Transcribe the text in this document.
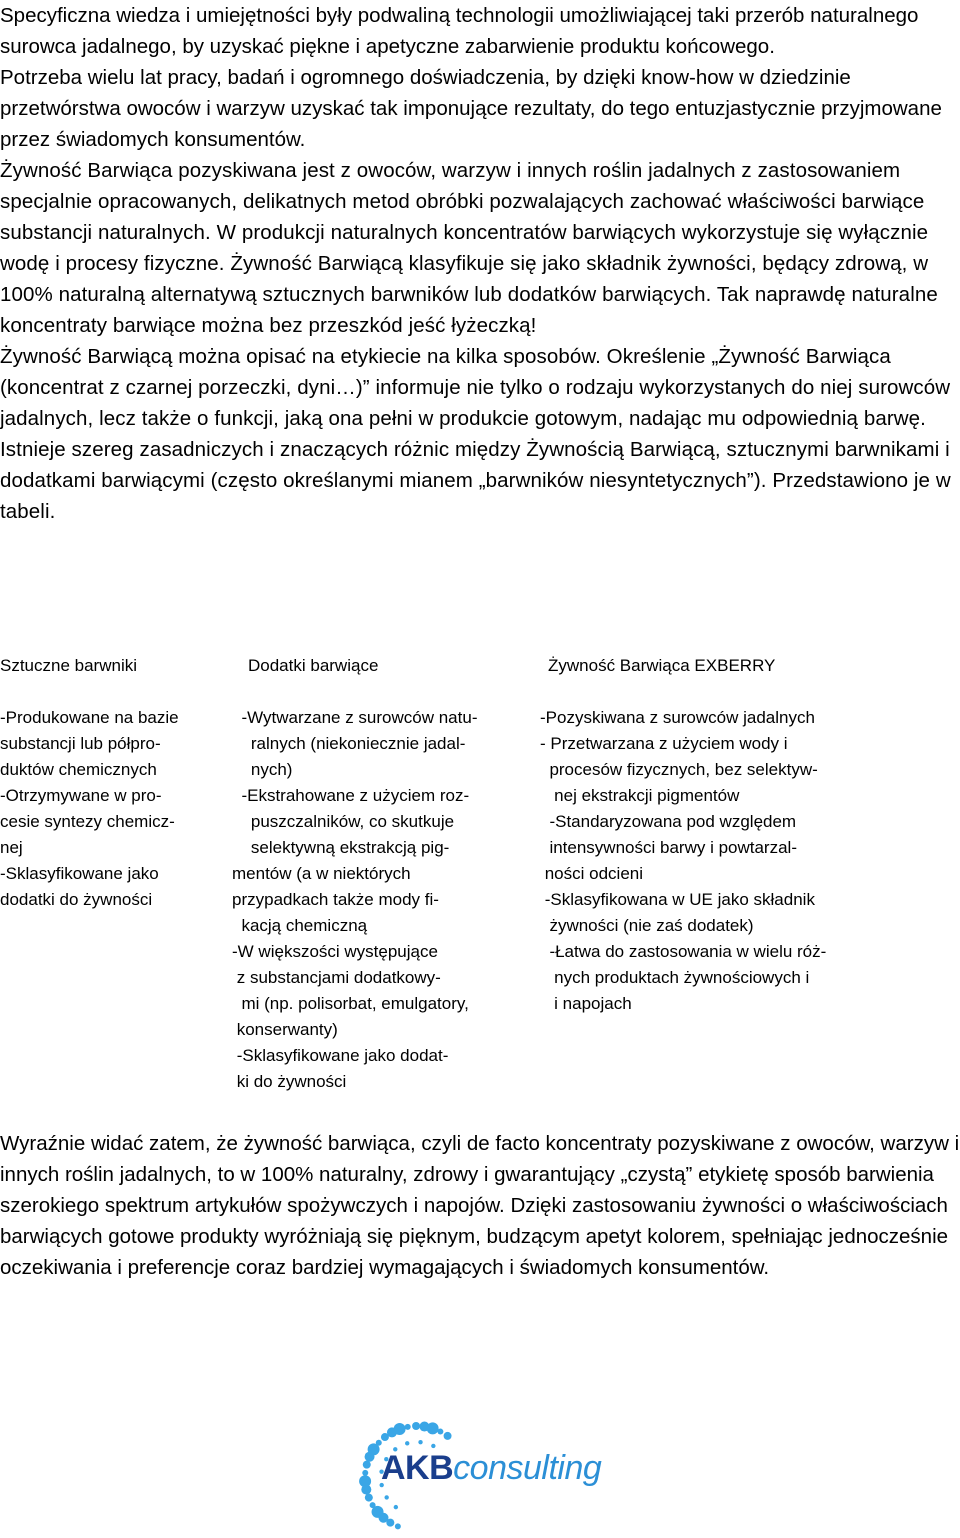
Specyficzna wiedza i umiejętności były podwaliną technologii umożliwiającej taki przerób naturalnego surowca jadalnego, by uzyskać piękne i apetyczne zabarwienie produktu końcowego.

Potrzeba wielu lat pracy, badań i ogromnego doświadczenia, by dzięki know-how w dziedzinie przetwórstwa owoców i warzyw uzyskać tak imponujące rezultaty, do tego entuzjastycznie przyjmowane przez świadomych konsumentów.

Żywność Barwiąca pozyskiwana jest z owoców, warzyw i innych roślin jadalnych z zastosowaniem specjalnie opracowanych, delikatnych metod obróbki pozwalających zachować właściwości barwiące substancji naturalnych. W produkcji naturalnych koncentratów barwiących wykorzystuje się wyłącznie wodę i procesy fizyczne. Żywność Barwiącą klasyfikuje się jako składnik żywności, będący zdrową, w 100% naturalną alternatywą sztucznych barwników lub dodatków barwiących. Tak naprawdę naturalne koncentraty barwiące można bez przeszkód jeść łyżeczką!

Żywność Barwiącą można opisać na etykiecie na kilka sposobów. Określenie „Żywność Barwiąca (koncentrat z czarnej porzeczki, dyni…)” informuje nie tylko o rodzaju wykorzystanych do niej surowców jadalnych, lecz także o funkcji, jaką ona pełni w produkcie gotowym, nadając mu odpowiednią barwę.

Istnieje szereg zasadniczych i znaczących różnic między Żywnością Barwiącą, sztucznymi barwnikami i dodatkami barwiącymi (często określanymi mianem „barwników niesyntetycznych”). Przedstawiono je w tabeli.

Sztuczne barwniki	Dodatki barwiące	Żywność Barwiąca EXBERRY

-Produkowane na bazie

substancji lub półpro-

duktów chemicznych

-Otrzymywane w pro-

cesie syntezy chemicz-

nej

-Sklasyfikowane jako

dodatki do żywności

-Wytwarzane z surowców natu-

ralnych (niekoniecznie jadal-

nych)

-Ekstrahowane z użyciem roz-

puszczalników, co skutkuje

selektywną ekstrakcją pig-

mentów (a w niektórych

przypadkach także mody fi-

kacją chemiczną

-W większości występujące

z substancjami dodatkowy-

mi (np. polisorbat, emulgatory,

konserwanty)

-Sklasyfikowane jako dodat-

ki do żywności

-Pozyskiwana z surowców jadalnych

- Przetwarzana z użyciem wody i

procesów fizycznych, bez selektyw-

nej ekstrakcji pigmentów

-Standaryzowana pod względem

intensywności barwy i powtarzal-

ności odcieni

-Sklasyfikowana w UE jako składnik

żywności (nie zaś dodatek)

-Łatwa do zastosowania w wielu róż-

nych produktach żywnościowych i

i napojach

Wyraźnie widać zatem, że żywność barwiąca, czyli de facto koncentraty pozyskiwane z owoców, warzyw i innych roślin jadalnych, to w 100% naturalny, zdrowy i gwarantujący „czystą” etykietę sposób barwienia szerokiego spektrum artykułów spożywczych i napojów. Dzięki zastosowaniu żywności o właściwościach barwiących gotowe produkty wyróżniają się pięknym, budzącym apetyt kolorem, spełniając jednocześnie oczekiwania i preferencje coraz bardziej wymagających i świadomych konsumentów.

AKBconsulting
